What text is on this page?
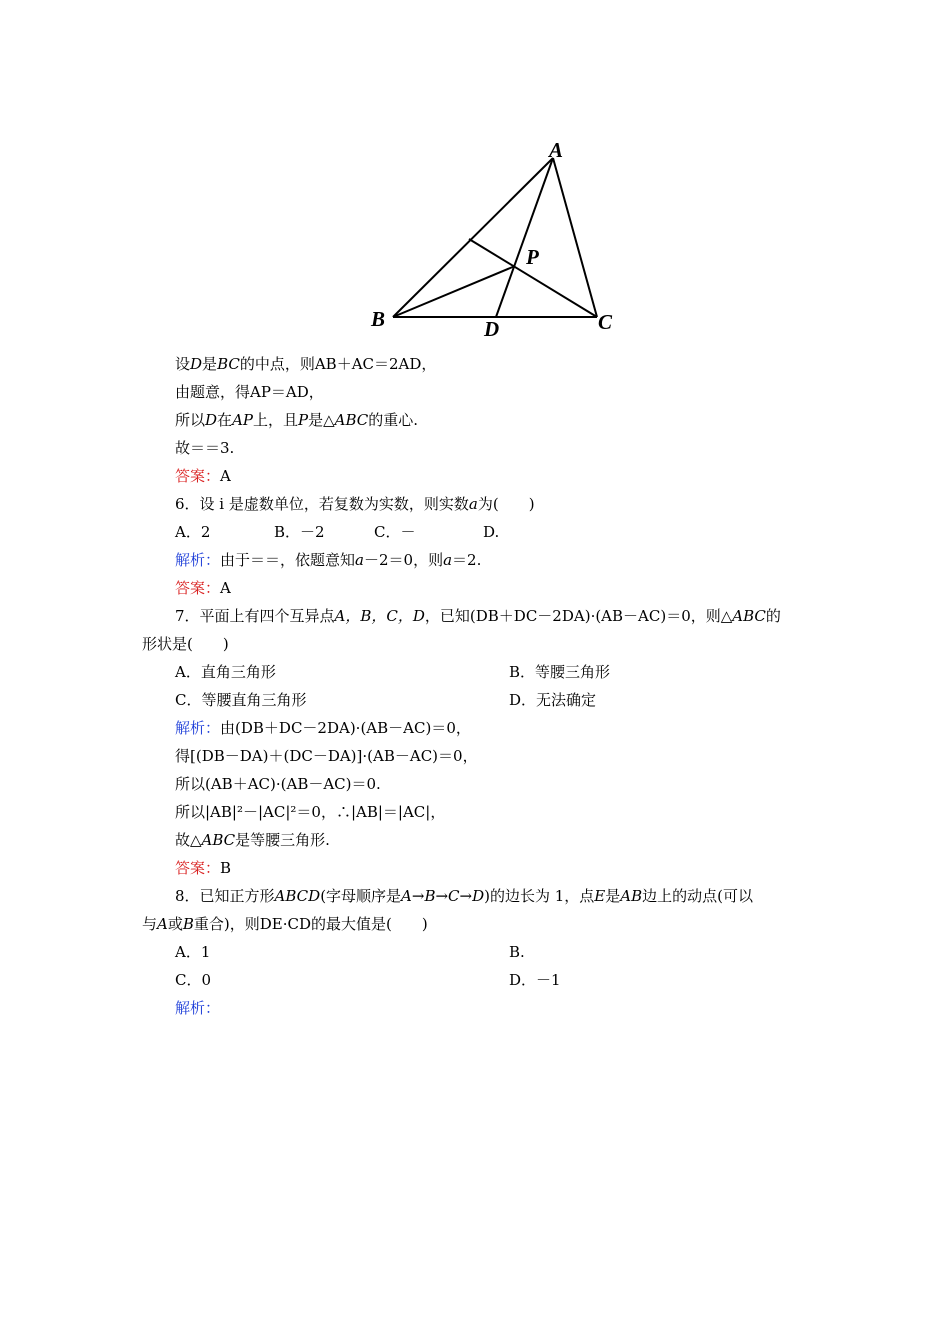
A
B	C
D
P
设D是BC的中点，则AB＋AC＝2AD，
由题意，得AP＝AD，
所以D在AP上，且P是△ABC的重心.
故＝＝3.
答案：A
6．设 i 是虚数单位，若复数为实数，则实数a为(　　)
A．2	B．－2	C．－	D.
解析：由于＝＝，依题意知a－2＝0，则a＝2.
答案：A
7．平面上有四个互异点A，B，C，D，已知(DB＋DC－2DA)·(AB－AC)＝0，则△ABC的
形状是(　　)
A．直角三角形	B．等腰三角形
C．等腰直角三角形	D．无法确定
解析：由(DB＋DC－2DA)·(AB－AC)＝0，
得[(DB－DA)＋(DC－DA)]·(AB－AC)＝0，
所以(AB＋AC)·(AB－AC)＝0.
所以|AB|²－|AC|²＝0，∴|AB|＝|AC|，
故△ABC是等腰三角形.
答案：B
8．已知正方形ABCD(字母顺序是A→B→C→D)的边长为 1，点E是AB边上的动点(可以
与A或B重合)，则DE·CD的最大值是(　　)
A．1	B.
C．0	D．－1
解析：
